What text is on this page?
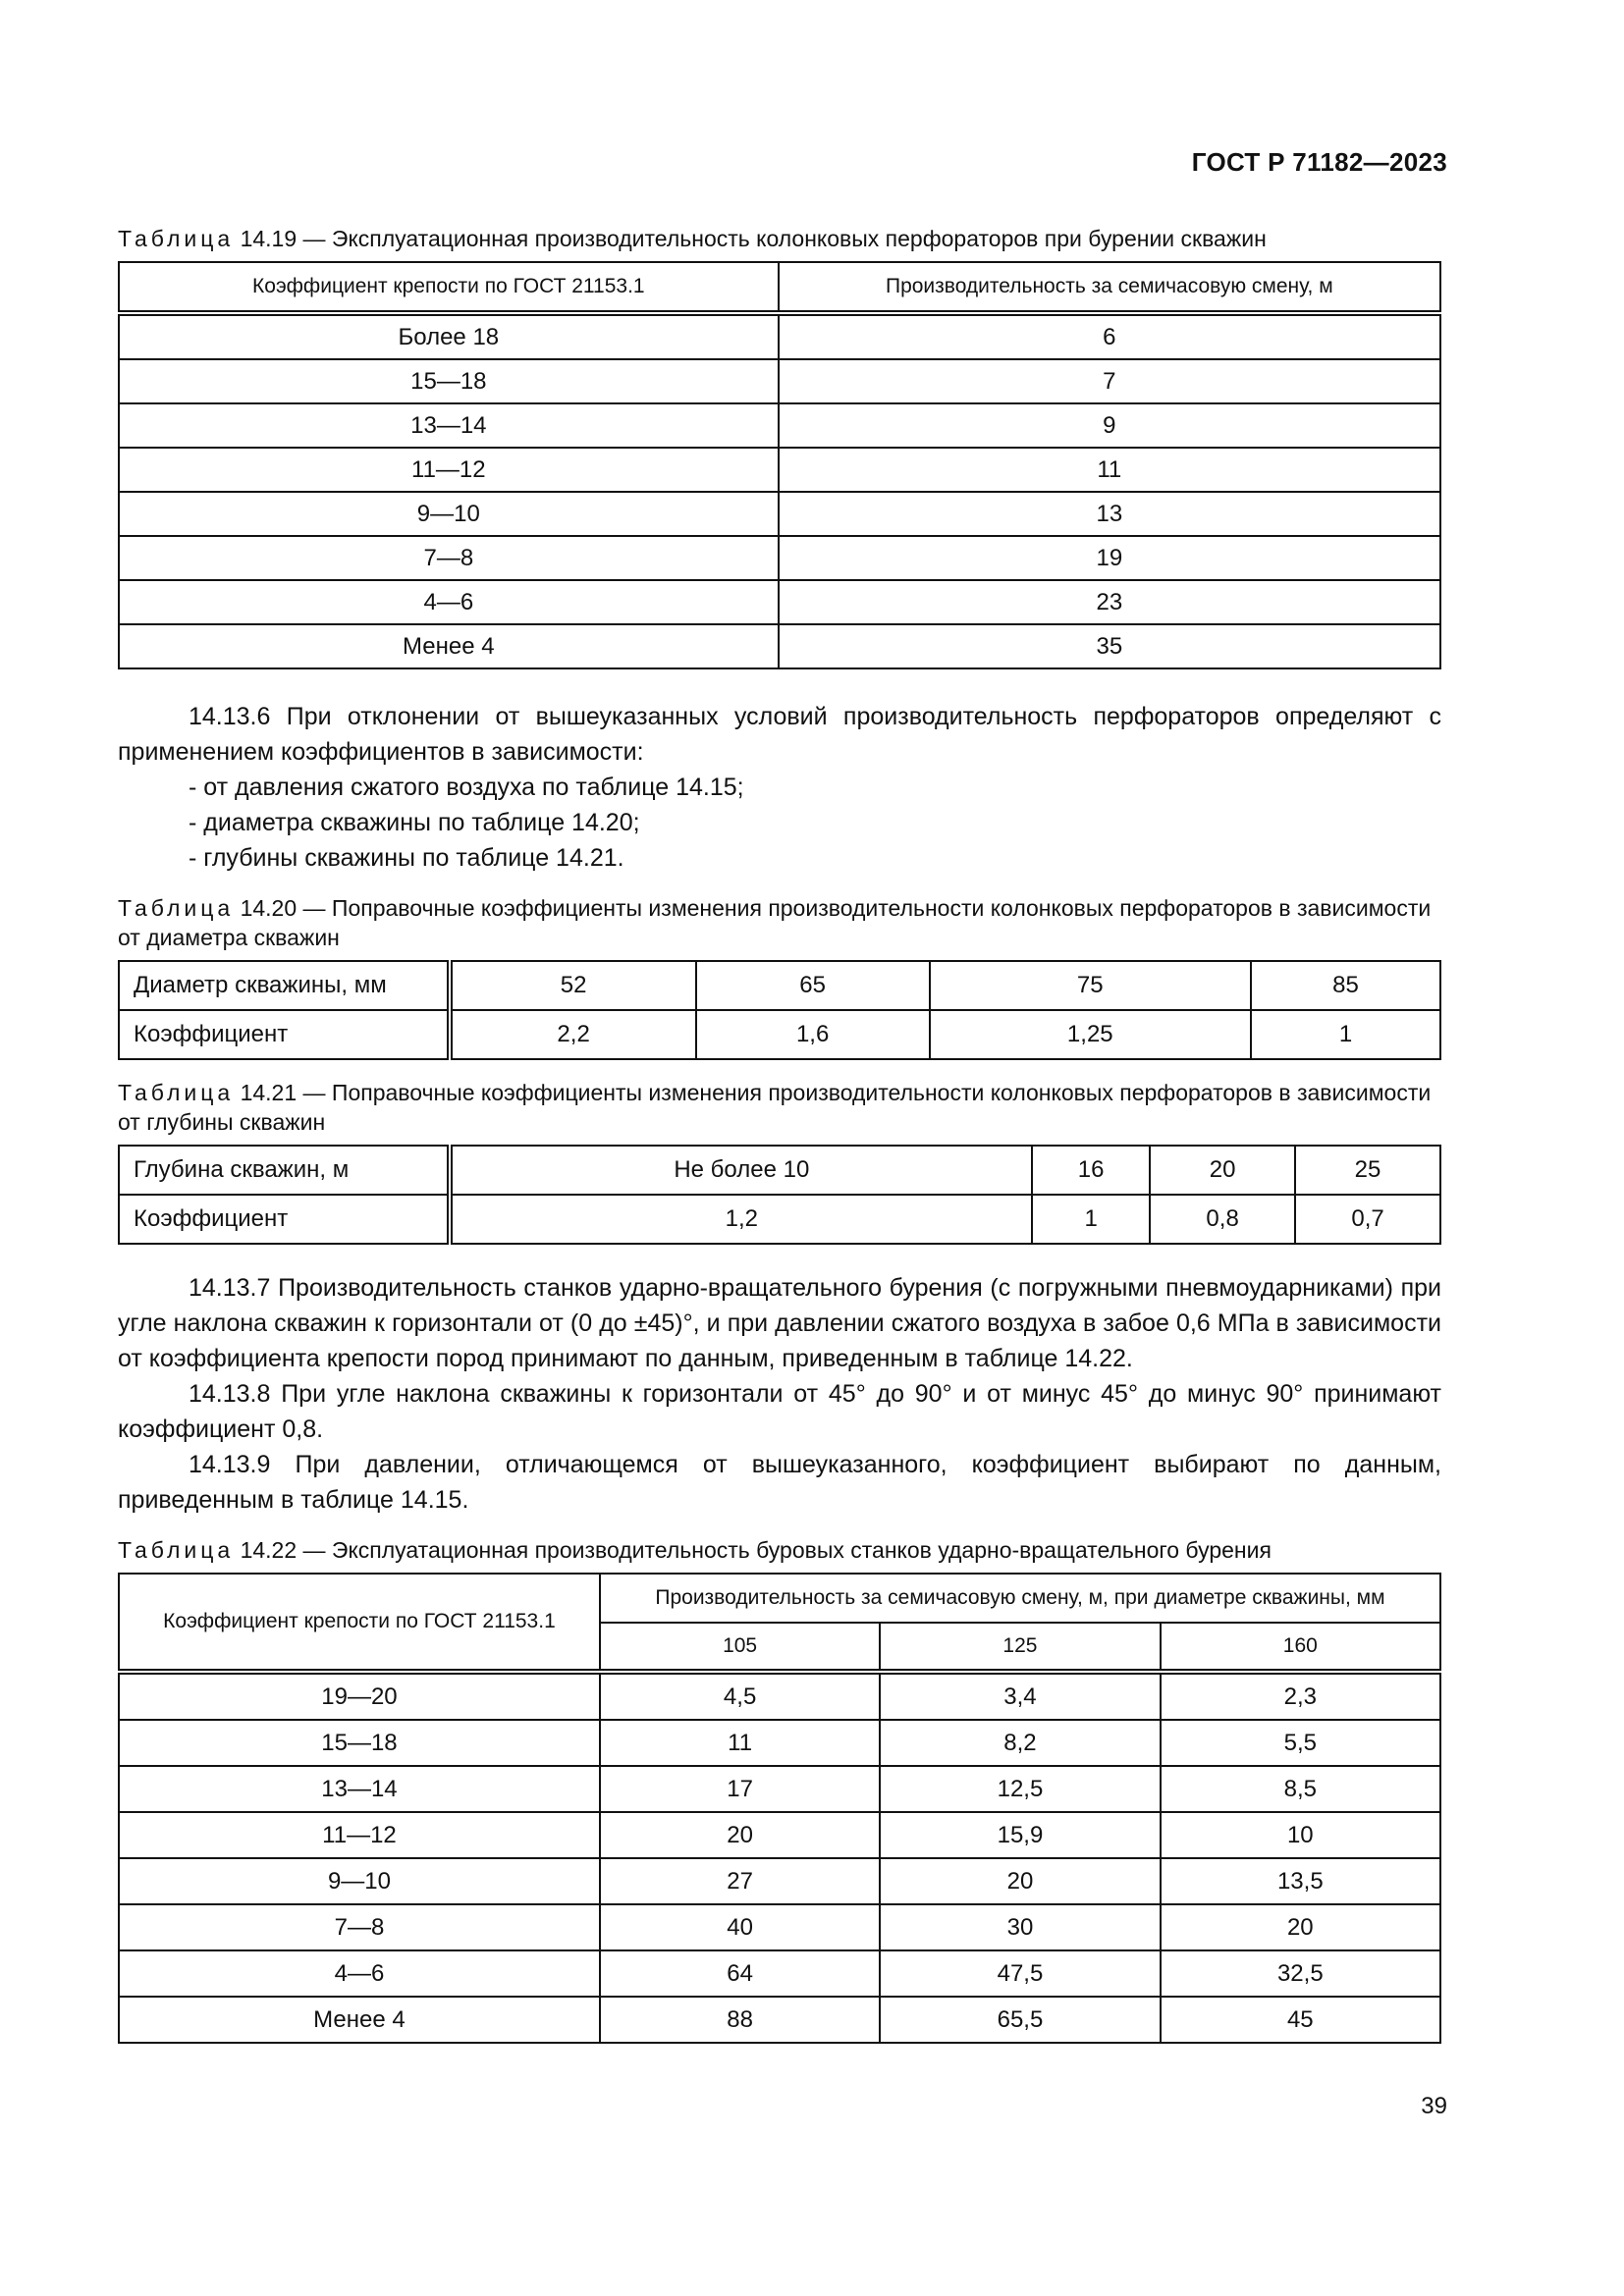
ГОСТ Р 71182—2023

Таблица 14.19 — Эксплуатационная производительность колонковых перфораторов при бурении скважин

Коэффициент крепости по ГОСТ 21153.1	Производительность за семичасовую смену, м
Более 18	6
15—18	7
13—14	9
11—12	11
9—10	13
7—8	19
4—6	23
Менее 4	35

14.13.6 При отклонении от вышеуказанных условий производительность перфораторов определяют с применением коэффициентов в зависимости:

- от давления сжатого воздуха по таблице 14.15;
- диаметра скважины по таблице 14.20;
- глубины скважины по таблице 14.21.

Таблица 14.20 — Поправочные коэффициенты изменения производительности колонковых перфораторов в зависимости от диаметра скважин

Диаметр скважины, мм	52	65	75	85
Коэффициент	2,2	1,6	1,25	1

Таблица 14.21 — Поправочные коэффициенты изменения производительности колонковых перфораторов в зависимости от глубины скважин

Глубина скважин, м	Не более 10	16	20	25
Коэффициент	1,2	1	0,8	0,7

14.13.7 Производительность станков ударно-вращательного бурения (с погружными пневмоударниками) при угле наклона скважин к горизонтали от (0 до ±45)°, и при давлении сжатого воздуха в забое 0,6 МПа в зависимости от коэффициента крепости пород принимают по данным, приведенным в таблице 14.22.

14.13.8 При угле наклона скважины к горизонтали от 45° до 90° и от минус 45° до минус 90° принимают коэффициент 0,8.

14.13.9 При давлении, отличающемся от вышеуказанного, коэффициент выбирают по данным, приведенным в таблице 14.15.

Таблица 14.22 — Эксплуатационная производительность буровых станков ударно-вращательного бурения

Коэффициент крепости по ГОСТ 21153.1	Производительность за семичасовую смену, м, при диаметре скважины, мм		
	105	125	160
19—20	4,5	3,4	2,3
15—18	11	8,2	5,5
13—14	17	12,5	8,5
11—12	20	15,9	10
9—10	27	20	13,5
7—8	40	30	20
4—6	64	47,5	32,5
Менее 4	88	65,5	45
39
